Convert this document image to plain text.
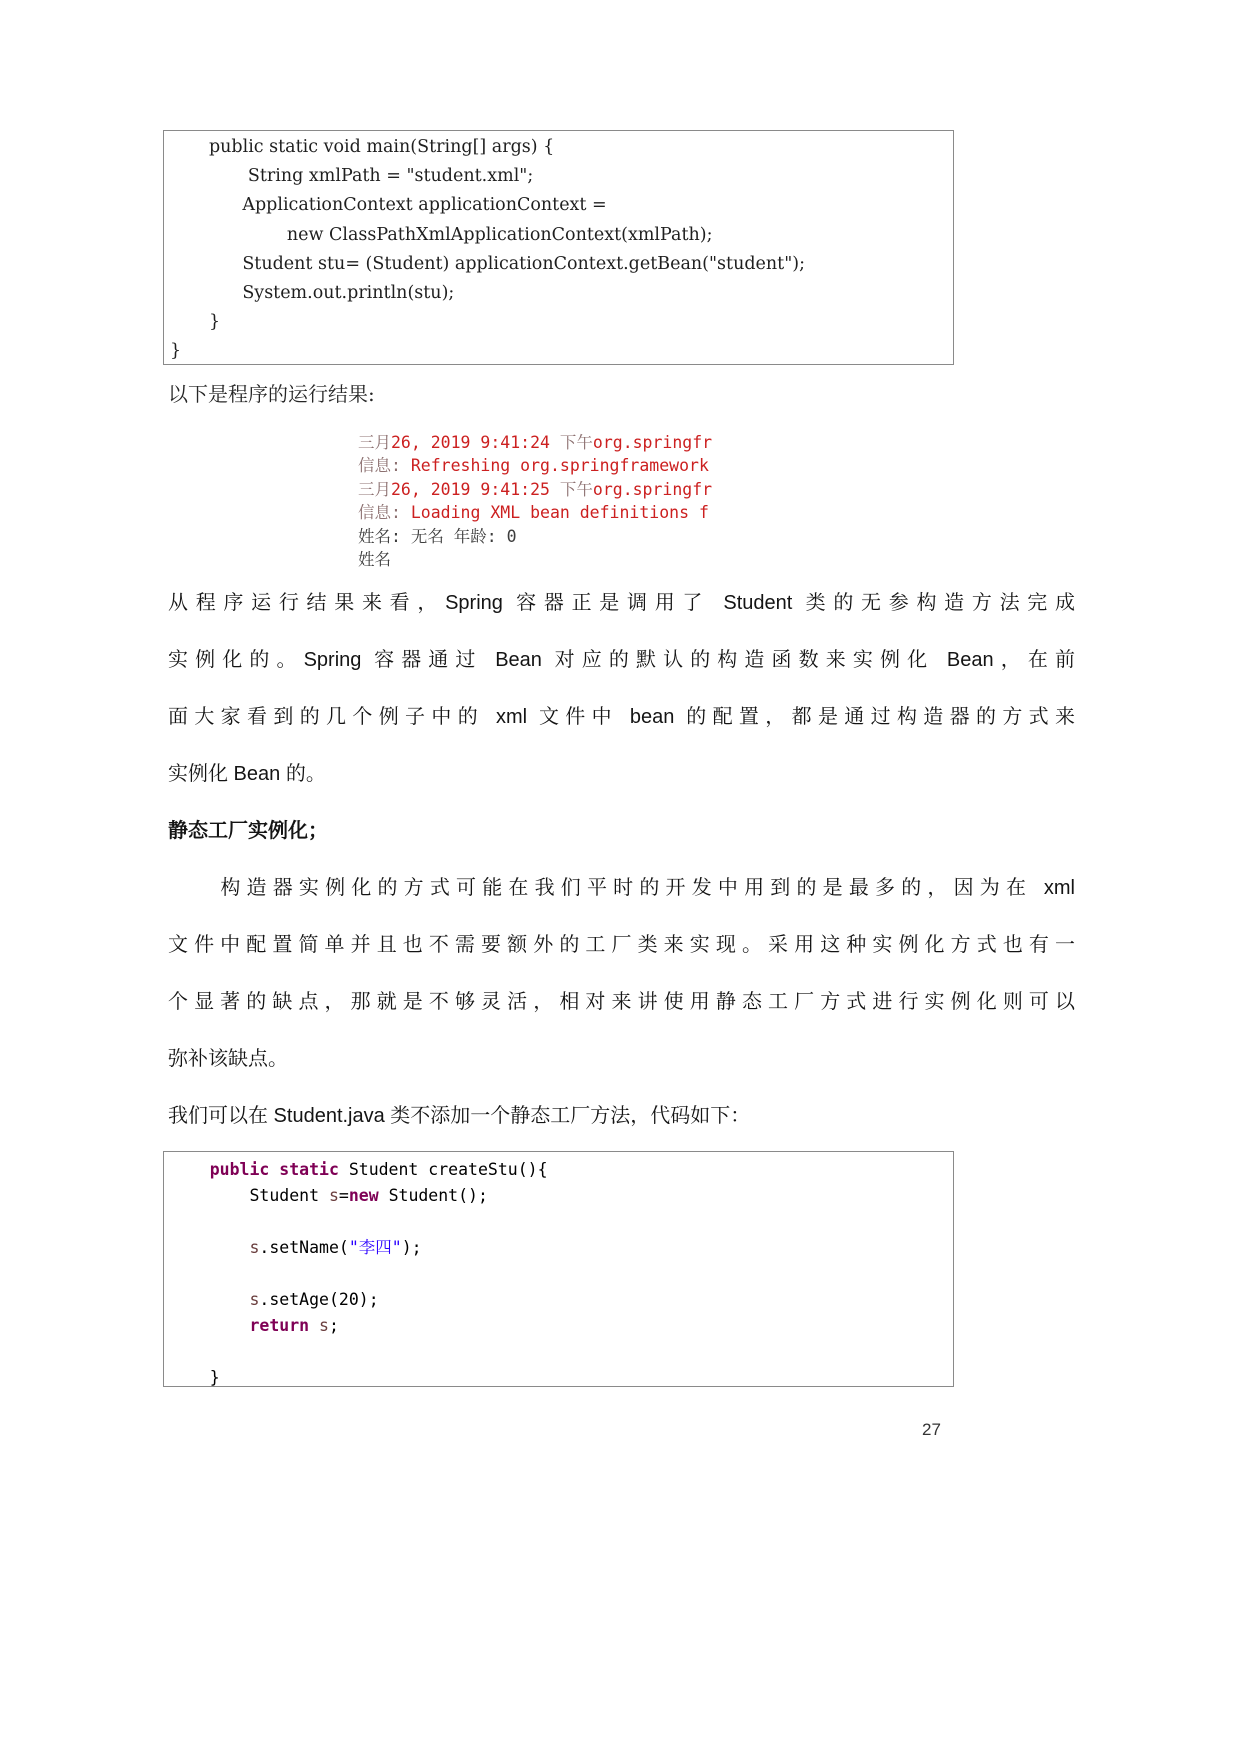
public static void main(String[] args) {
String xmlPath = "student.xml";
ApplicationContext applicationContext =
new ClassPathXmlApplicationContext(xmlPath);
Student stu= (Student) applicationContext.getBean("student");
System.out.println(stu);
}
}
以下是程序的运行结果:
三月26, 2019 9:41:24 下午org.springfr
信息: Refreshing org.springframework
三月26, 2019 9:41:25 下午org.springfr
信息: Loading XML bean definitions f
姓名: 无名 年龄: 0
姓名
从程序运行结果来看，Spring 容器正是调用了 Student 类的无参构造方法完成
实例化的。Spring 容器通过 Bean 对应的默认的构造函数来实例化 Bean，在前
面大家看到的几个例子中的 xml 文件中 bean 的配置，都是通过构造器的方式来
实例化 Bean 的。
静态工厂实例化；
　　构造器实例化的方式可能在我们平时的开发中用到的是最多的，因为在 xml
文件中配置简单并且也不需要额外的工厂类来实现。采用这种实例化方式也有一
个显著的缺点，那就是不够灵活，相对来讲使用静态工厂方式进行实例化则可以
弥补该缺点。
我们可以在 Student.java 类不添加一个静态工厂方法，代码如下：
public static Student createStu(){
Student s=new Student();

s.setName("李四");

s.setAge(20);
return s;

}
27
